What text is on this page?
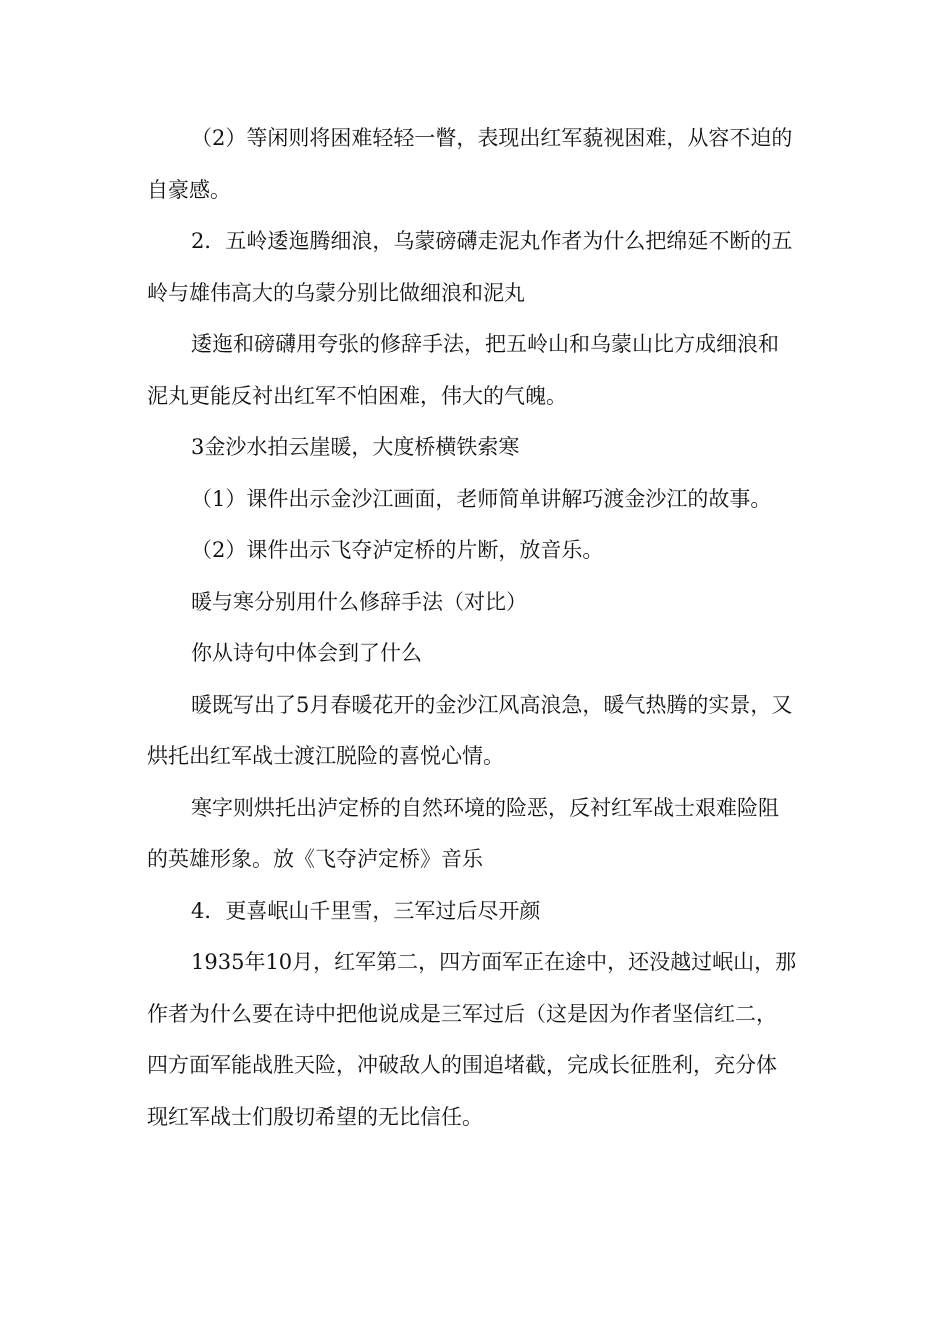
（2）等闲则将困难轻轻一瞥，表现出红军藐视困难，从容不迫的自豪感。

2．五岭逶迤腾细浪，乌蒙磅礴走泥丸作者为什么把绵延不断的五岭与雄伟高大的乌蒙分别比做细浪和泥丸

逶迤和磅礴用夸张的修辞手法，把五岭山和乌蒙山比方成细浪和泥丸更能反衬出红军不怕困难，伟大的气魄。

3金沙水拍云崖暖，大度桥横铁索寒

（1）课件出示金沙江画面，老师简单讲解巧渡金沙江的故事。

（2）课件出示飞夺泸定桥的片断，放音乐。

暖与寒分别用什么修辞手法（对比）

你从诗句中体会到了什么

暖既写出了5月春暖花开的金沙江风高浪急，暖气热腾的实景，又烘托出红军战士渡江脱险的喜悦心情。

寒字则烘托出泸定桥的自然环境的险恶，反衬红军战士艰难险阻的英雄形象。放《飞夺泸定桥》音乐

4．更喜岷山千里雪，三军过后尽开颜

1935年10月，红军第二，四方面军正在途中，还没越过岷山，那作者为什么要在诗中把他说成是三军过后（这是因为作者坚信红二，四方面军能战胜天险，冲破敌人的围追堵截，完成长征胜利，充分体现红军战士们殷切希望的无比信任。
